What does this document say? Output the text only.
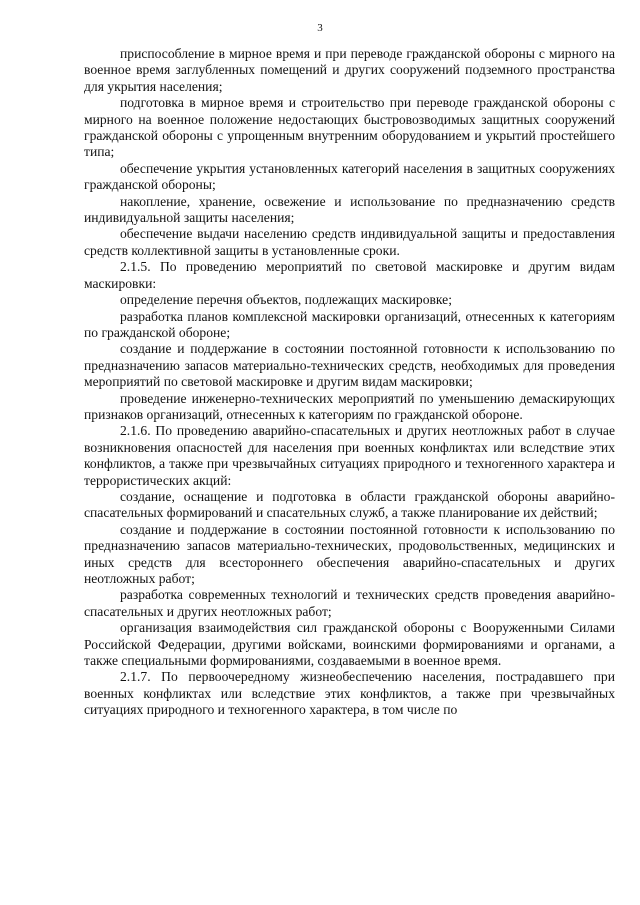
3

приспособление в мирное время и при переводе гражданской обороны с мирного на военное время заглубленных помещений и других сооружений подземного пространства для укрытия населения;

подготовка в мирное время и строительство при переводе гражданской обороны с мирного на военное положение недостающих быстровозводимых защитных сооружений гражданской обороны с упрощенным внутренним оборудованием и укрытий простейшего типа;

обеспечение укрытия установленных категорий населения в защитных сооружениях гражданской обороны;

накопление, хранение, освежение и использование по предназначению средств индивидуальной защиты населения;

обеспечение выдачи населению средств индивидуальной защиты и предоставления средств коллективной защиты в установленные сроки.

2.1.5. По проведению мероприятий по световой маскировке и другим видам маскировки:

определение перечня объектов, подлежащих маскировке;

разработка планов комплексной маскировки организаций, отнесенных к категориям по гражданской обороне;

создание и поддержание в состоянии постоянной готовности к использованию по предназначению запасов материально-технических средств, необходимых для проведения мероприятий по световой маскировке и другим видам маскировки;

проведение инженерно-технических мероприятий по уменьшению демаскирующих признаков организаций, отнесенных к категориям по гражданской обороне.

2.1.6. По проведению аварийно-спасательных и других неотложных работ в случае возникновения опасностей для населения при военных конфликтах или вследствие этих конфликтов, а также при чрезвычайных ситуациях природного и техногенного характера и террористических акций:

создание, оснащение и подготовка в области гражданской обороны аварийно-спасательных формирований и спасательных служб, а также планирование их действий;

создание и поддержание в состоянии постоянной готовности к использованию по предназначению запасов материально-технических, продовольственных, медицинских и иных средств для всестороннего обеспечения аварийно-спасательных и других неотложных работ;

разработка современных технологий и технических средств проведения аварийно-спасательных и других неотложных работ;

организация взаимодействия сил гражданской обороны с Вооруженными Силами Российской Федерации, другими войсками, воинскими формированиями и органами, а также специальными формированиями, создаваемыми в военное время.

2.1.7. По первоочередному жизнеобеспечению населения, пострадавшего при военных конфликтах или вследствие этих конфликтов, а также при чрезвычайных ситуациях природного и техногенного характера, в том числе по
